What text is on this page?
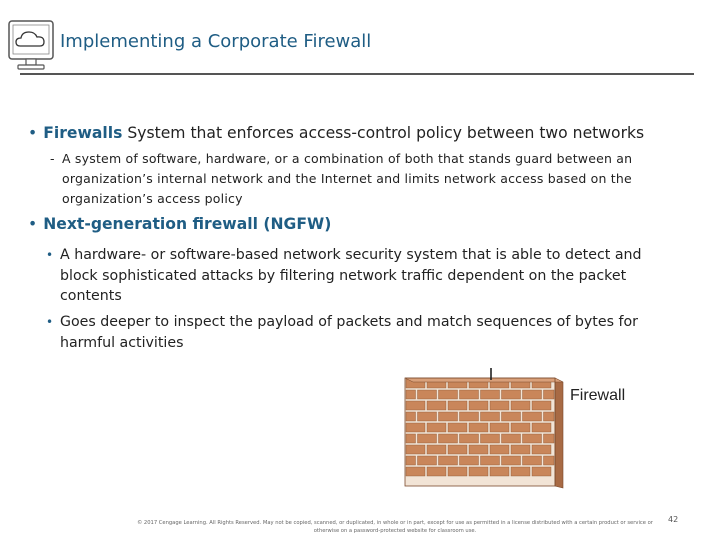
Implementing a Corporate Firewall
• Firewalls System that enforces access-control policy between two networks
- A system of software, hardware, or a combination of both that stands guard between an organization’s internal network and the Internet and limits network access based on the organization’s access policy
• Next-generation firewall (NGFW)
• A hardware- or software-based network security system that is able to detect and block sophisticated attacks by filtering network traffic dependent on the packet contents
• Goes deeper to inspect the payload of packets and match sequences of bytes for harmful activities
Firewall
© 2017 Cengage Learning. All Rights Reserved. May not be copied, scanned, or duplicated, in whole or in part, except for use as permitted in a license distributed with a certain product or service or otherwise on a password-protected website for classroom use.
42
